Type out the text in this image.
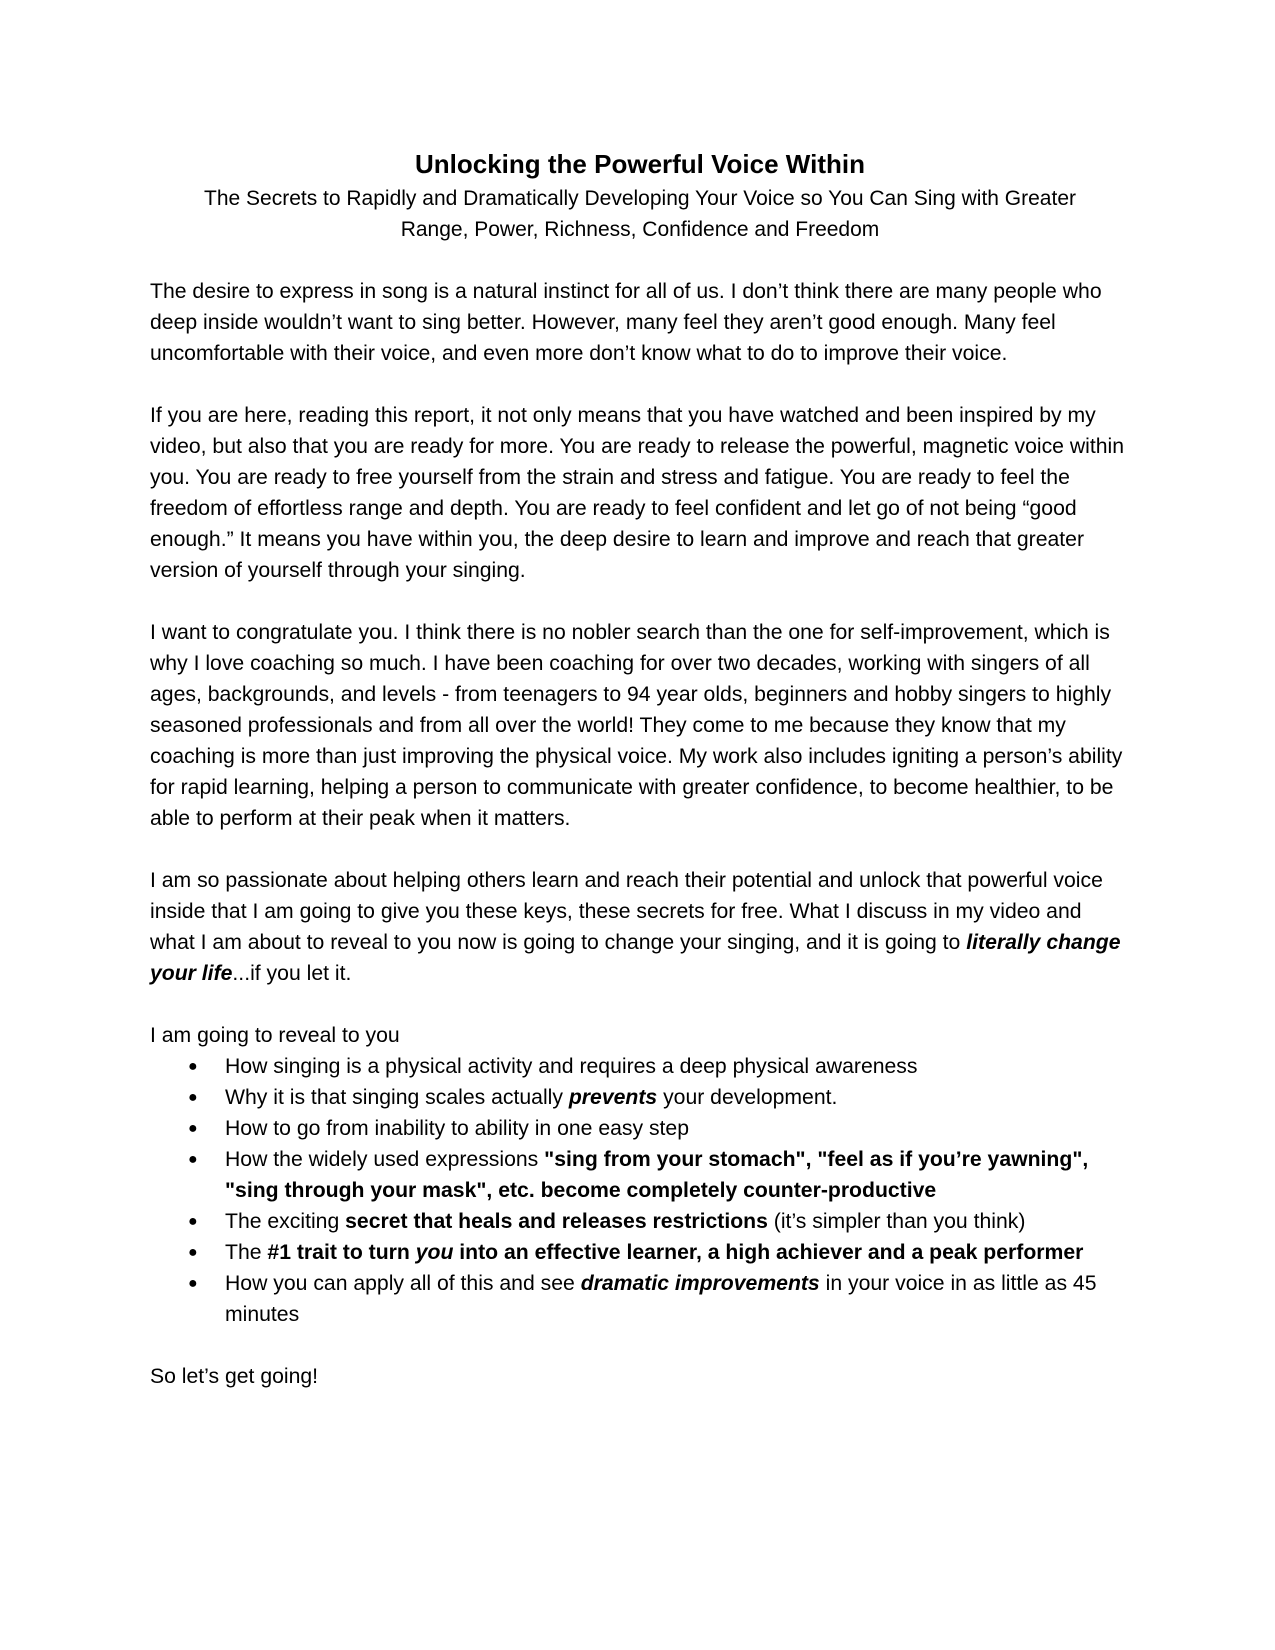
Unlocking the Powerful Voice Within
The Secrets to Rapidly and Dramatically Developing Your Voice so You Can Sing with Greater
Range, Power, Richness, Confidence and Freedom

The desire to express in song is a natural instinct for all of us. I don’t think there are many people who deep inside wouldn’t want to sing better. However, many feel they aren’t good enough. Many feel uncomfortable with their voice, and even more don’t know what to do to improve their voice.

If you are here, reading this report, it not only means that you have watched and been inspired by my video, but also that you are ready for more. You are ready to release the powerful, magnetic voice within you. You are ready to free yourself from the strain and stress and fatigue. You are ready to feel the freedom of effortless range and depth. You are ready to feel confident and let go of not being “good enough.” It means you have within you, the deep desire to learn and improve and reach that greater version of yourself through your singing.

I want to congratulate you. I think there is no nobler search than the one for self-improvement, which is why I love coaching so much. I have been coaching for over two decades, working with singers of all ages, backgrounds, and levels - from teenagers to 94 year olds, beginners and hobby singers to highly seasoned professionals and from all over the world! They come to me because they know that my coaching is more than just improving the physical voice. My work also includes igniting a person’s ability for rapid learning, helping a person to communicate with greater confidence, to become healthier, to be able to perform at their peak when it matters.

I am so passionate about helping others learn and reach their potential and unlock that powerful voice inside that I am going to give you these keys, these secrets for free. What I discuss in my video and what I am about to reveal to you now is going to change your singing, and it is going to literally change your life...if you let it.

I am going to reveal to you

● How singing is a physical activity and requires a deep physical awareness
● Why it is that singing scales actually prevents your development.
● How to go from inability to ability in one easy step
● How the widely used expressions "sing from your stomach", "feel as if you’re yawning", "sing through your mask", etc. become completely counter-productive
● The exciting secret that heals and releases restrictions (it’s simpler than you think)
● The #1 trait to turn you into an effective learner, a high achiever and a peak performer
● How you can apply all of this and see dramatic improvements in your voice in as little as 45 minutes

So let’s get going!
